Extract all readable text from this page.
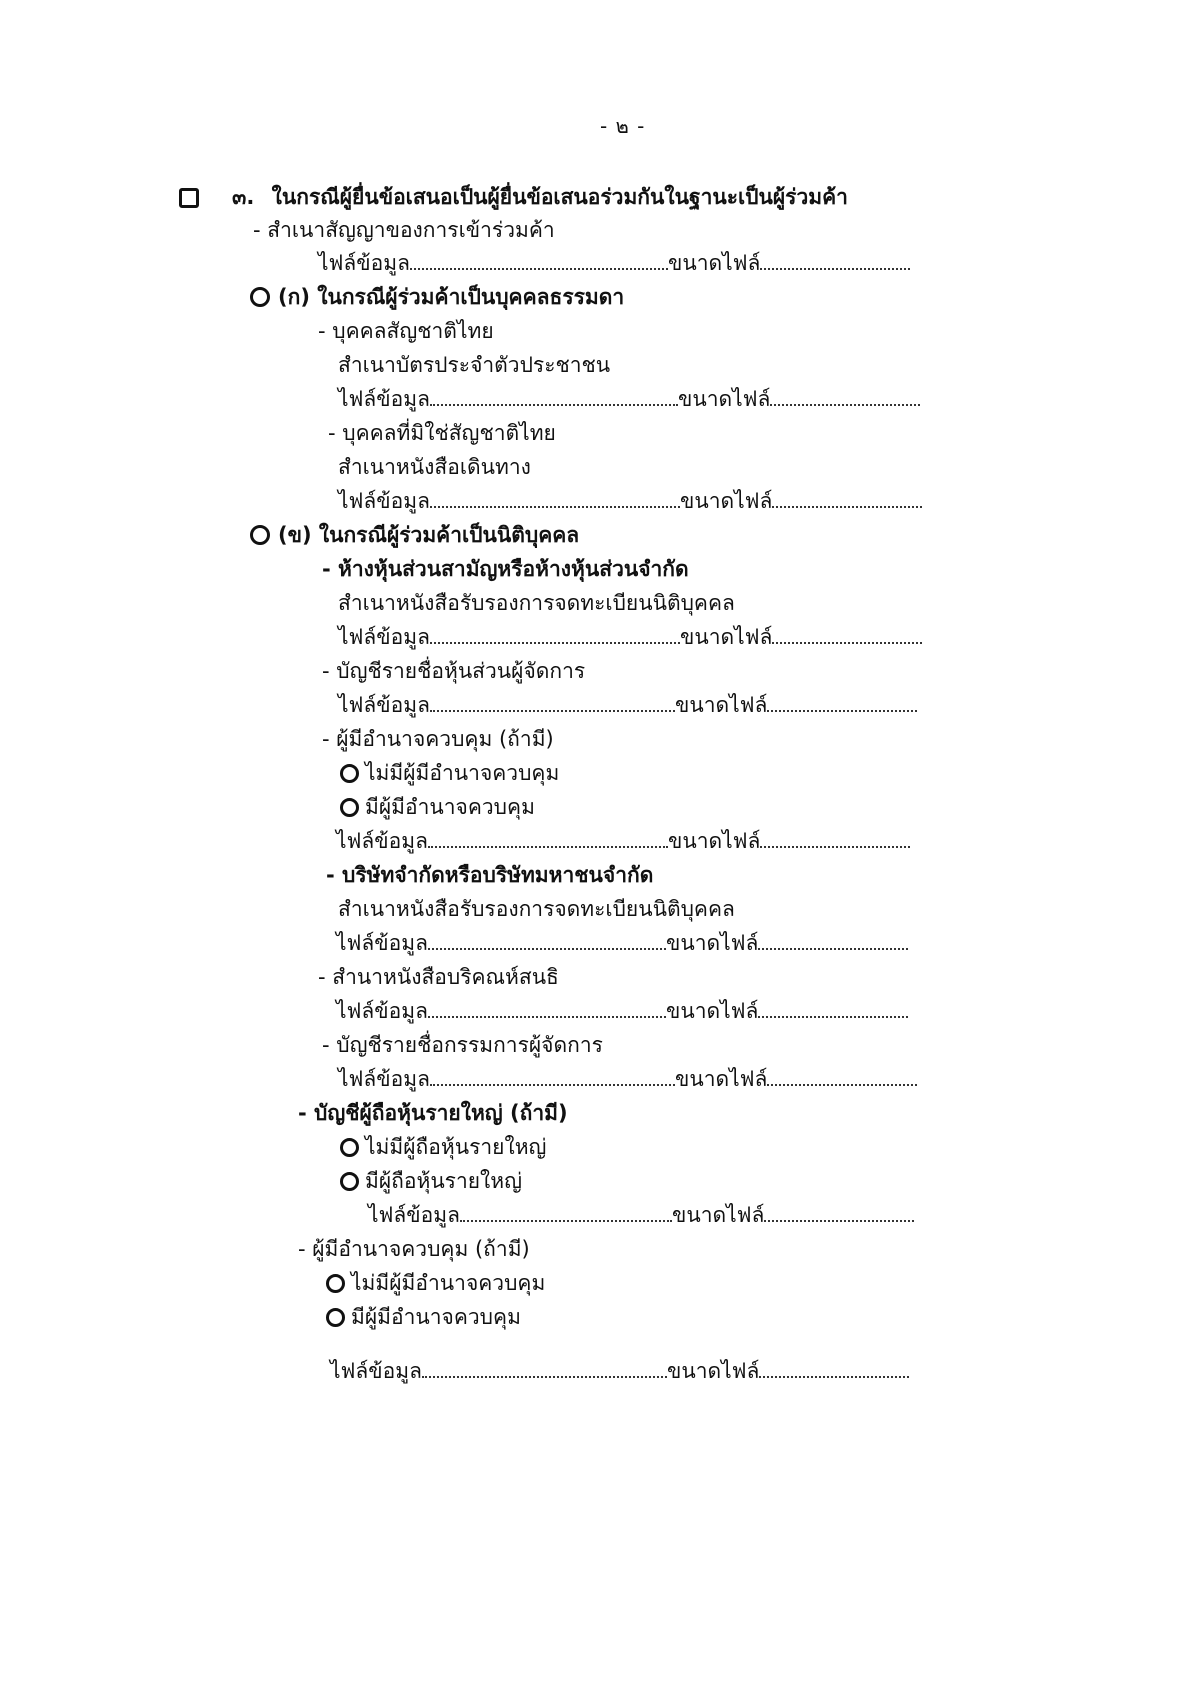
- ๒ -
๓. ในกรณีผู้ยื่นข้อเสนอเป็นผู้ยื่นข้อเสนอร่วมกันในฐานะเป็นผู้ร่วมค้า
- สำเนาสัญญาของการเข้าร่วมค้า
ไฟล์ข้อมูล	ขนาดไฟล์
(ก) ในกรณีผู้ร่วมค้าเป็นบุคคลธรรมดา
- บุคคลสัญชาติไทย
สำเนาบัตรประจำตัวประชาชน
ไฟล์ข้อมูล	ขนาดไฟล์
- บุคคลที่มิใช่สัญชาติไทย
สำเนาหนังสือเดินทาง
ไฟล์ข้อมูล	ขนาดไฟล์
(ข) ในกรณีผู้ร่วมค้าเป็นนิติบุคคล
- ห้างหุ้นส่วนสามัญหรือห้างหุ้นส่วนจำกัด
สำเนาหนังสือรับรองการจดทะเบียนนิติบุคคล
ไฟล์ข้อมูล	ขนาดไฟล์
- บัญชีรายชื่อหุ้นส่วนผู้จัดการ
ไฟล์ข้อมูล	ขนาดไฟล์
- ผู้มีอำนาจควบคุม (ถ้ามี)
ไม่มีผู้มีอำนาจควบคุม
มีผู้มีอำนาจควบคุม
ไฟล์ข้อมูล	ขนาดไฟล์
- บริษัทจำกัดหรือบริษัทมหาชนจำกัด
สำเนาหนังสือรับรองการจดทะเบียนนิติบุคคล
ไฟล์ข้อมูล	ขนาดไฟล์
- สำนาหนังสือบริคณห์สนธิ
ไฟล์ข้อมูล	ขนาดไฟล์
- บัญชีรายชื่อกรรมการผู้จัดการ
ไฟล์ข้อมูล	ขนาดไฟล์
- บัญชีผู้ถือหุ้นรายใหญ่ (ถ้ามี)
ไม่มีผู้ถือหุ้นรายใหญ่
มีผู้ถือหุ้นรายใหญ่
ไฟล์ข้อมูล	ขนาดไฟล์
- ผู้มีอำนาจควบคุม (ถ้ามี)
ไม่มีผู้มีอำนาจควบคุม
มีผู้มีอำนาจควบคุม
ไฟล์ข้อมูล	ขนาดไฟล์
